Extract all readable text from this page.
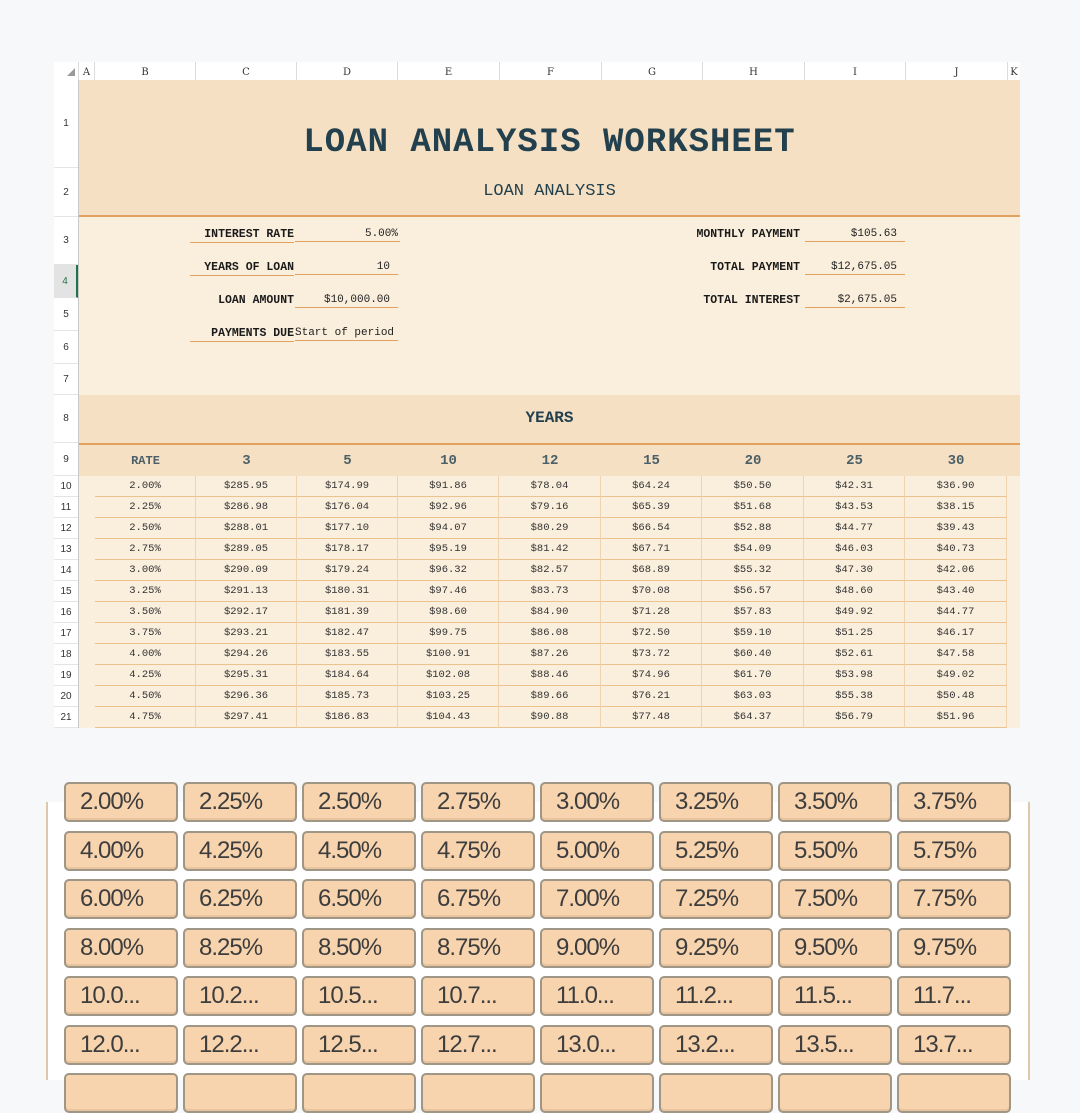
A	B	C	D	E	F	G	H	I	J	K
1
2
3
4
5
6
7
8
9
10
11
12
13
14
15
16
17
18
19
20
21
LOAN ANALYSIS WORKSHEET
LOAN ANALYSIS
INTEREST RATE	5.00%
YEARS OF LOAN	10
LOAN AMOUNT	$10,000.00
PAYMENTS DUE Start of period
MONTHLY PAYMENT	$105.63
TOTAL PAYMENT	$12,675.05
TOTAL INTEREST	$2,675.05
YEARS
RATE	3	5	10	12	15	20	25	30
2.00%	$285.95	$174.99	$91.86	$78.04	$64.24	$50.50	$42.31	$36.90
2.25%	$286.98	$176.04	$92.96	$79.16	$65.39	$51.68	$43.53	$38.15
2.50%	$288.01	$177.10	$94.07	$80.29	$66.54	$52.88	$44.77	$39.43
2.75%	$289.05	$178.17	$95.19	$81.42	$67.71	$54.09	$46.03	$40.73
3.00%	$290.09	$179.24	$96.32	$82.57	$68.89	$55.32	$47.30	$42.06
3.25%	$291.13	$180.31	$97.46	$83.73	$70.08	$56.57	$48.60	$43.40
3.50%	$292.17	$181.39	$98.60	$84.90	$71.28	$57.83	$49.92	$44.77
3.75%	$293.21	$182.47	$99.75	$86.08	$72.50	$59.10	$51.25	$46.17
4.00%	$294.26	$183.55	$100.91	$87.26	$73.72	$60.40	$52.61	$47.58
4.25%	$295.31	$184.64	$102.08	$88.46	$74.96	$61.70	$53.98	$49.02
4.50%	$296.36	$185.73	$103.25	$89.66	$76.21	$63.03	$55.38	$50.48
4.75%	$297.41	$186.83	$104.43	$90.88	$77.48	$64.37	$56.79	$51.96
2.00%	2.25%	2.50%	2.75%	3.00%	3.25%	3.50%	3.75%
4.00%	4.25%	4.50%	4.75%	5.00%	5.25%	5.50%	5.75%
6.00%	6.25%	6.50%	6.75%	7.00%	7.25%	7.50%	7.75%
8.00%	8.25%	8.50%	8.75%	9.00%	9.25%	9.50%	9.75%
10.0...	10.2...	10.5...	10.7...	11.0...	11.2...	11.5...	11.7...
12.0...	12.2...	12.5...	12.7...	13.0...	13.2...	13.5...	13.7...
